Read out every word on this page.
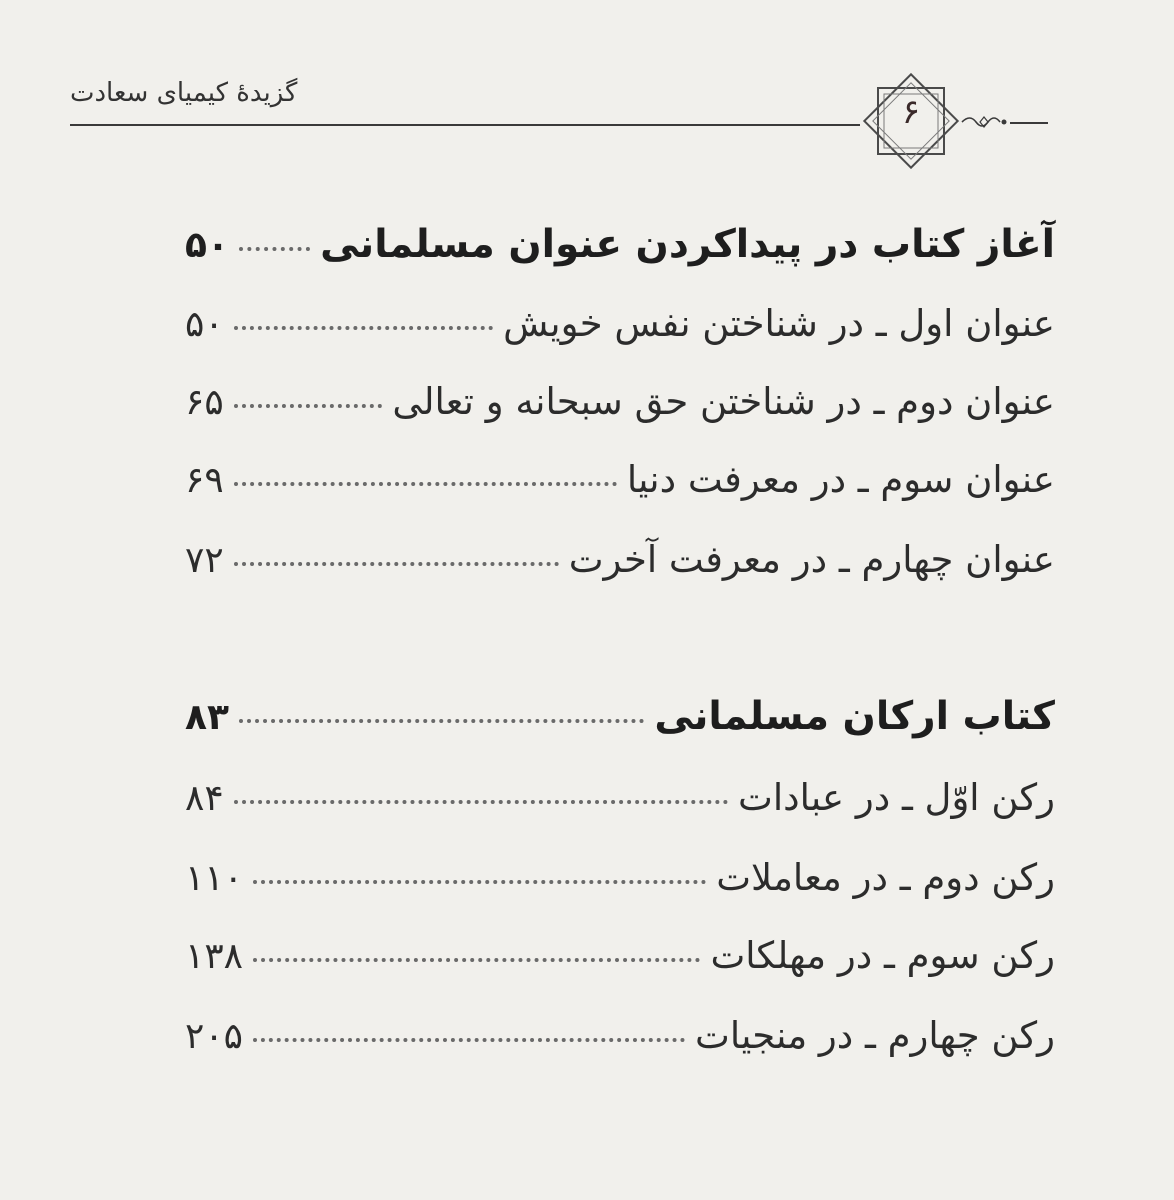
گزیدهٔ کیمیای سعادت	۶
آغاز کتاب در پیداکردن عنوان مسلمانی
۵۰
عنوان اول ـ در شناختن نفس خویش
۵۰
عنوان دوم ـ در شناختن حق سبحانه و تعالی
۶۵
عنوان سوم ـ در معرفت دنیا
۶۹
عنوان چهارم ـ در معرفت آخرت
۷۲
کتاب ارکان مسلمانی
۸۳
رکن اوّل ـ در عبادات
۸۴
رکن دوم ـ در معاملات
۱۱۰
رکن سوم ـ در مهلکات
۱۳۸
رکن چهارم ـ در منجیات
۲۰۵
